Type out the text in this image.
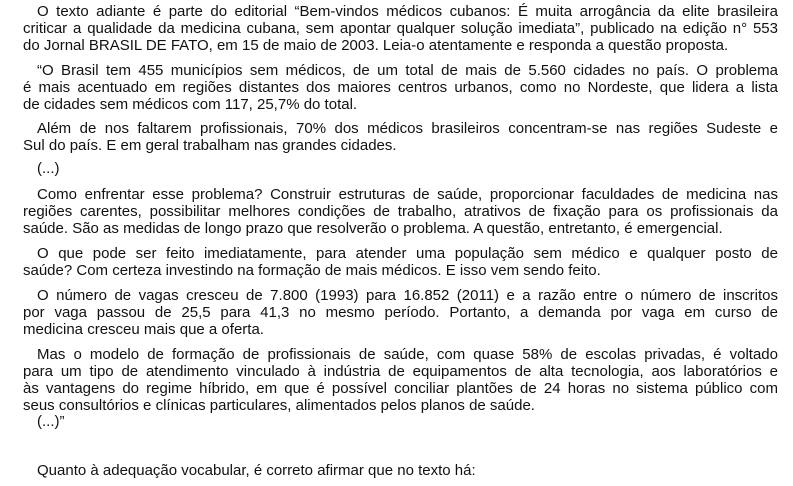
O texto adiante é parte do editorial “Bem-vindos médicos cubanos: É muita arrogância da elite brasileira
criticar a qualidade da medicina cubana, sem apontar qualquer solução imediata”, publicado na edição n° 553
do Jornal BRASIL DE FATO, em 15 de maio de 2003. Leia-o atentamente e responda a questão proposta.
“O Brasil tem 455 municípios sem médicos, de um total de mais de 5.560 cidades no país. O problema
é mais acentuado em regiões distantes dos maiores centros urbanos, como no Nordeste, que lidera a lista
de cidades sem médicos com 117, 25,7% do total.
Além de nos faltarem profissionais, 70% dos médicos brasileiros concentram-se nas regiões Sudeste e
Sul do país. E em geral trabalham nas grandes cidades.
(...)
Como enfrentar esse problema? Construir estruturas de saúde, proporcionar faculdades de medicina nas
regiões carentes, possibilitar melhores condições de trabalho, atrativos de fixação para os profissionais da
saúde. São as medidas de longo prazo que resolverão o problema. A questão, entretanto, é emergencial.
O que pode ser feito imediatamente, para atender uma população sem médico e qualquer posto de
saúde? Com certeza investindo na formação de mais médicos. E isso vem sendo feito.
O número de vagas cresceu de 7.800 (1993) para 16.852 (2011) e a razão entre o número de inscritos
por vaga passou de 25,5 para 41,3 no mesmo período. Portanto, a demanda por vaga em curso de
medicina cresceu mais que a oferta.
Mas o modelo de formação de profissionais de saúde, com quase 58% de escolas privadas, é voltado
para um tipo de atendimento vinculado à indústria de equipamentos de alta tecnologia, aos laboratórios e
às vantagens do regime híbrido, em que é possível conciliar plantões de 24 horas no sistema público com
seus consultórios e clínicas particulares, alimentados pelos planos de saúde.
(...)”
Quanto à adequação vocabular, é correto afirmar que no texto há:
